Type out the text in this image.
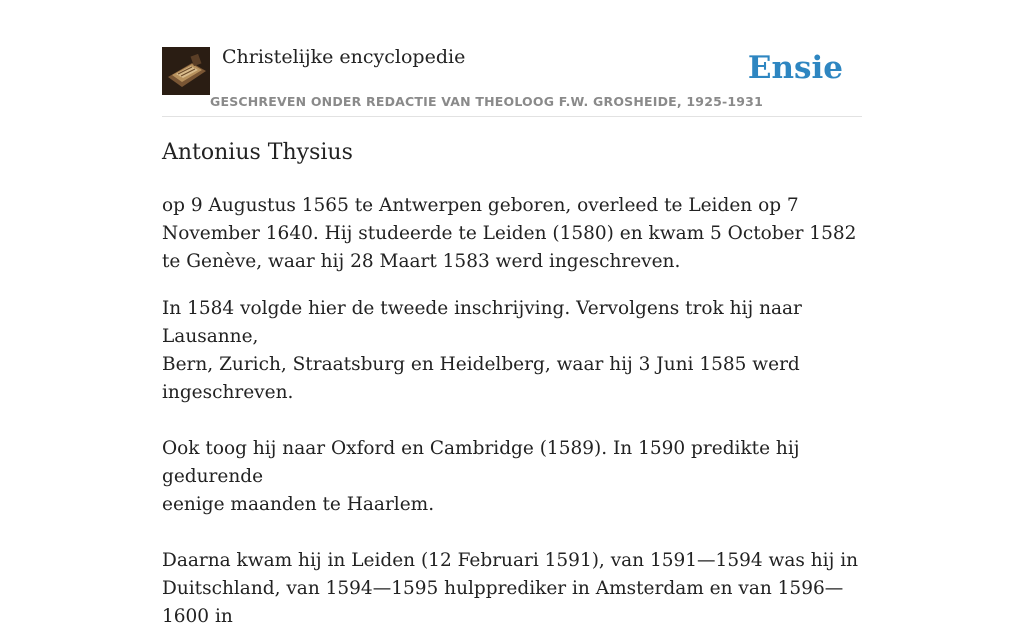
Christelijke encyclopedie
GESCHREVEN ONDER REDACTIE VAN THEOLOOG F.W. GROSHEIDE, 1925-1931
Ensie
Antonius Thysius

op 9 Augustus 1565 te Antwerpen geboren, overleed te Leiden op 7 November 1640. Hij studeerde te Leiden (1580) en kwam 5 October 1582 te Genève, waar hij 28 Maart 1583 werd ingeschreven.

In 1584 volgde hier de tweede inschrijving. Vervolgens trok hij naar Lausanne,
Bern, Zurich, Straatsburg en Heidelberg, waar hij 3 Juni 1585 werd ingeschreven.
Ook toog hij naar Oxford en Cambridge (1589). In 1590 predikte hij gedurende
eenige maanden te Haarlem.
Daarna kwam hij in Leiden (12 Februari 1591), van 1591—1594 was hij in
Duitschland, van 1594—1595 hulpprediker in Amsterdam en van 1596—1600 in
